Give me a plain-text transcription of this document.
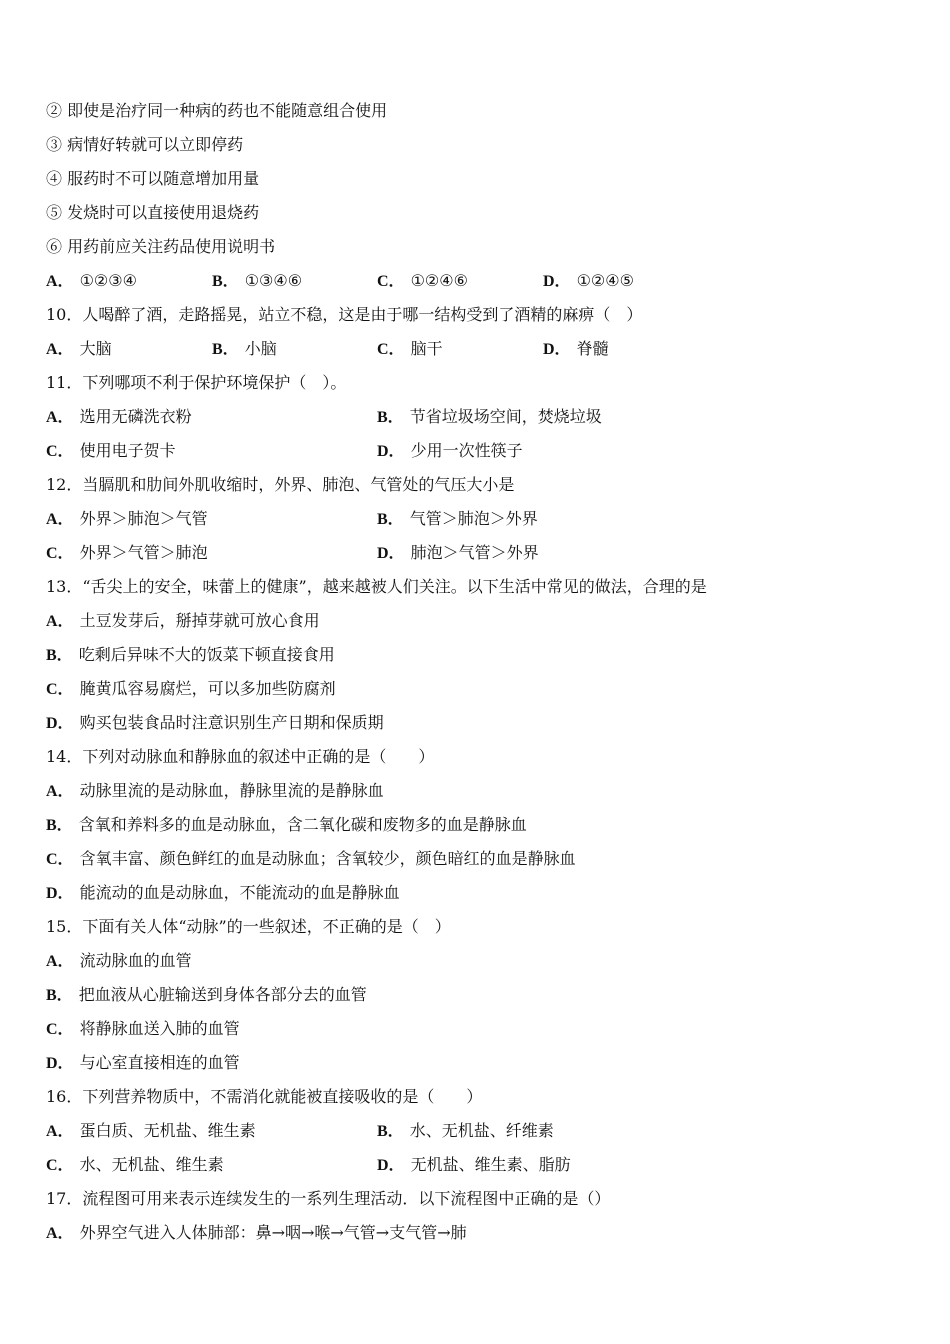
② 即使是治疗同一种病的药也不能随意组合使用
③ 病情好转就可以立即停药
④ 服药时不可以随意增加用量
⑤ 发烧时可以直接使用退烧药
⑥ 用药前应关注药品使用说明书
A． ①②③④	B． ①③④⑥	C． ①②④⑥	D． ①②④⑤
10．人喝醉了酒，走路摇晃，站立不稳，这是由于哪一结构受到了酒精的麻痹（　）
A． 大脑	B． 小脑	C． 脑干	D． 脊髓
11．下列哪项不利于保护环境保护（　）。
A． 选用无磷洗衣粉	B． 节省垃圾场空间，焚烧垃圾
C． 使用电子贺卡	D． 少用一次性筷子
12．当膈肌和肋间外肌收缩时，外界、肺泡、气管处的气压大小是
A． 外界＞肺泡＞气管	B． 气管＞肺泡＞外界
C． 外界＞气管＞肺泡	D． 肺泡＞气管＞外界
13．“舌尖上的安全，味蕾上的健康”，越来越被人们关注。以下生活中常见的做法，合理的是
A． 土豆发芽后，掰掉芽就可放心食用
B． 吃剩后异味不大的饭菜下顿直接食用
C． 腌黄瓜容易腐烂，可以多加些防腐剂
D． 购买包装食品时注意识别生产日期和保质期
14．下列对动脉血和静脉血的叙述中正确的是（　　）
A． 动脉里流的是动脉血，静脉里流的是静脉血
B． 含氧和养料多的血是动脉血，含二氧化碳和废物多的血是静脉血
C． 含氧丰富、颜色鲜红的血是动脉血；含氧较少，颜色暗红的血是静脉血
D． 能流动的血是动脉血，不能流动的血是静脉血
15．下面有关人体“动脉”的一些叙述，不正确的是（　）
A． 流动脉血的血管
B． 把血液从心脏输送到身体各部分去的血管
C． 将静脉血送入肺的血管
D． 与心室直接相连的血管
16．下列营养物质中，不需消化就能被直接吸收的是（　　）
A． 蛋白质、无机盐、维生素	B． 水、无机盐、纤维素
C． 水、无机盐、维生素	D． 无机盐、维生素、脂肪
17．流程图可用来表示连续发生的一系列生理活动．以下流程图中正确的是（）
A． 外界空气进入人体肺部：鼻→咽→喉→气管→支气管→肺
